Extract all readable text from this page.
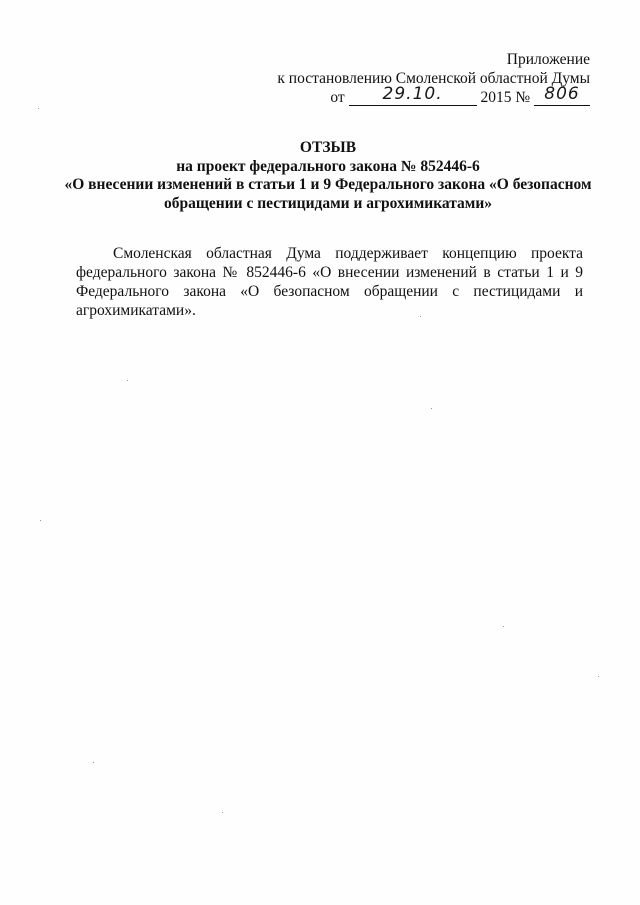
Приложение
к постановлению Смоленской областной Думы
от 29.10. 2015 № 806
ОТЗЫВ
на проект федерального закона № 852446-6
«О внесении изменений в статьи 1 и 9 Федерального закона «О безопасном
обращении с пестицидами и агрохимикатами»

Смоленская областная Дума поддерживает концепцию проекта федерального закона № 852446-6 «О внесении изменений в статьи 1 и 9 Федерального закона «О безопасном обращении с пестицидами и агрохимикатами».
